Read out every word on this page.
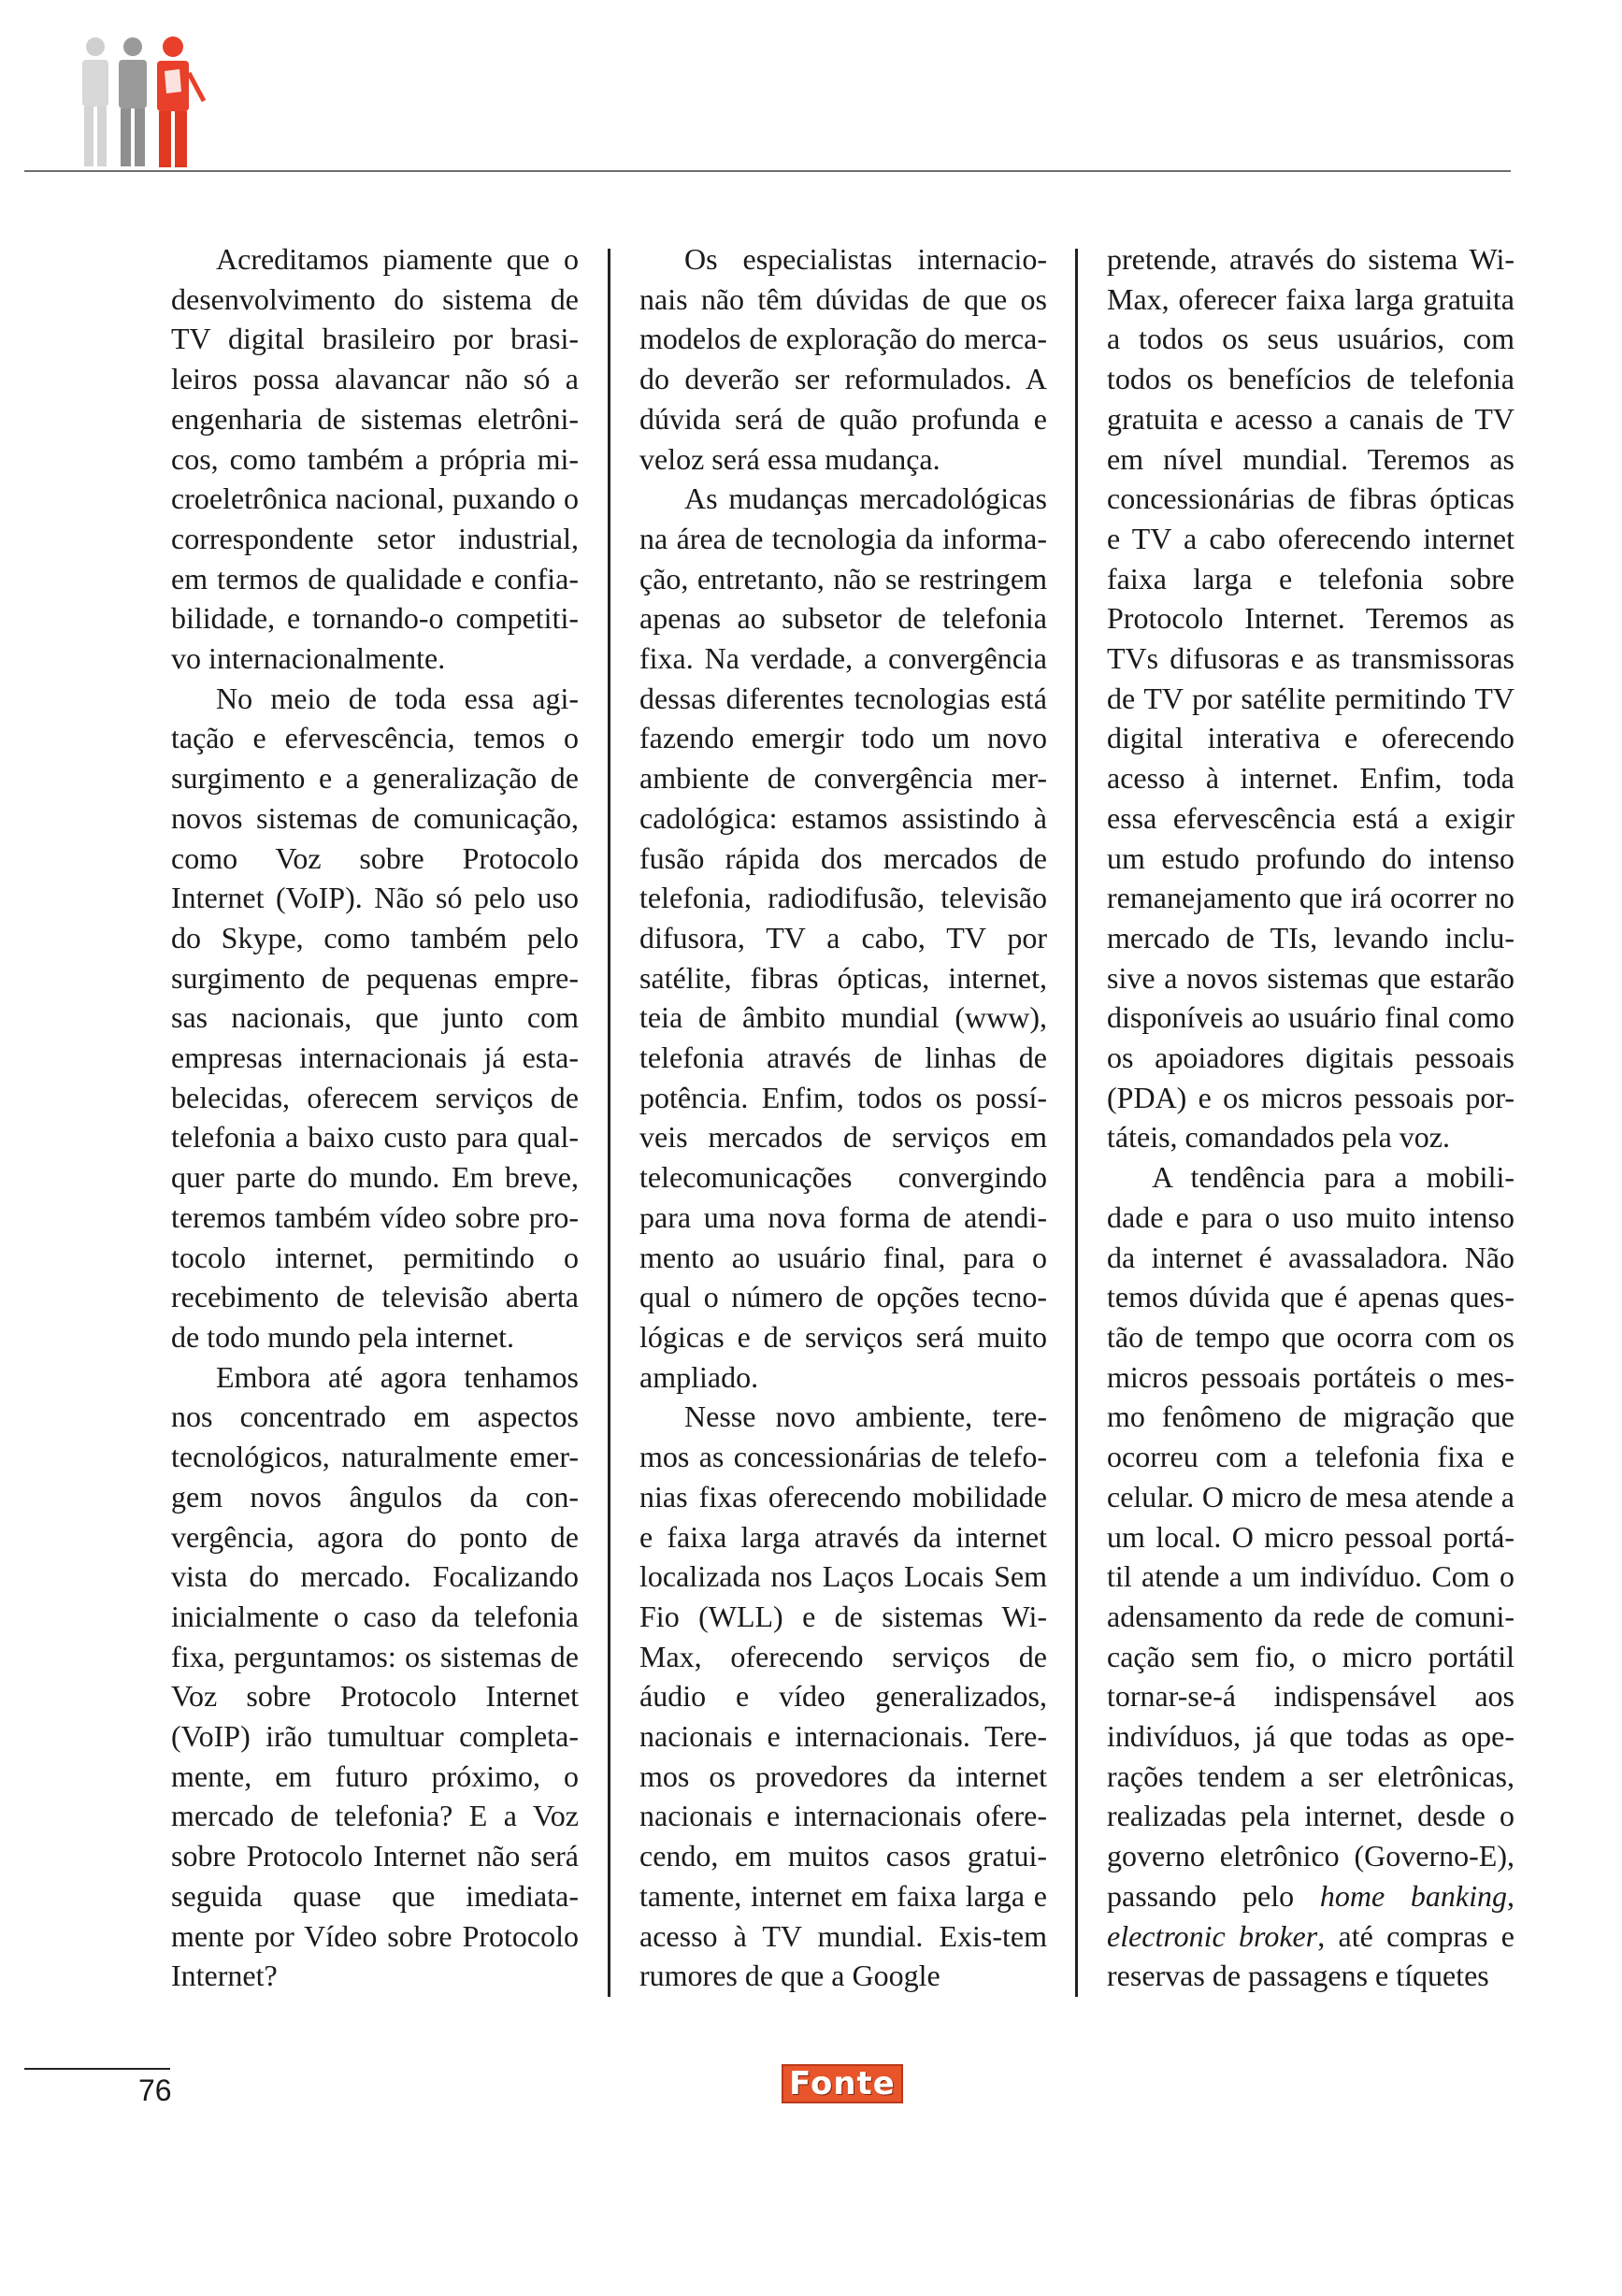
Acreditamos piamente que o desenvolvimento do sistema de TV digital brasileiro por brasi-leiros possa alavancar não só a engenharia de sistemas eletrôni-cos, como também a própria mi-croeletrônica nacional, puxando o correspondente setor industrial, em termos de qualidade e confia-bilidade, e tornando-o competiti-vo internacionalmente.

No meio de toda essa agi-tação e efervescência, temos o surgimento e a generalização de novos sistemas de comunicação, como Voz sobre Protocolo Internet (VoIP). Não só pelo uso do Skype, como também pelo surgimento de pequenas empre-sas nacionais, que junto com empresas internacionais já esta-belecidas, oferecem serviços de telefonia a baixo custo para qual-quer parte do mundo. Em breve, teremos também vídeo sobre pro-tocolo internet, permitindo o recebimento de televisão aberta de todo mundo pela internet.

Embora até agora tenhamos nos concentrado em aspectos tecnológicos, naturalmente emer-gem novos ângulos da con-vergência, agora do ponto de vista do mercado. Focalizando inicialmente o caso da telefonia fixa, perguntamos: os sistemas de Voz sobre Protocolo Internet (VoIP) irão tumultuar completa-mente, em futuro próximo, o mercado de telefonia? E a Voz sobre Protocolo Internet não será seguida quase que imediata-mente por Vídeo sobre Protocolo Internet?

Os especialistas internacio-nais não têm dúvidas de que os modelos de exploração do merca-do deverão ser reformulados. A dúvida será de quão profunda e veloz será essa mudança.

As mudanças mercadológicas na área de tecnologia da informa-ção, entretanto, não se restringem apenas ao subsetor de telefonia fixa. Na verdade, a convergência dessas diferentes tecnologias está fazendo emergir todo um novo ambiente de convergência mer-cadológica: estamos assistindo à fusão rápida dos mercados de telefonia, radiodifusão, televisão difusora, TV a cabo, TV por satélite, fibras ópticas, internet, teia de âmbito mundial (www), telefonia através de linhas de potência. Enfim, todos os possí-veis mercados de serviços em telecomunicações convergindo para uma nova forma de atendi-mento ao usuário final, para o qual o número de opções tecno-lógicas e de serviços será muito ampliado.

Nesse novo ambiente, tere-mos as concessionárias de telefo-nias fixas oferecendo mobilidade e faixa larga através da internet localizada nos Laços Locais Sem Fio (WLL) e de sistemas Wi-Max, oferecendo serviços de áudio e vídeo generalizados, nacionais e internacionais. Tere-mos os provedores da internet nacionais e internacionais ofere-cendo, em muitos casos gratui-tamente, internet em faixa larga e acesso à TV mundial. Exis-tem rumores de que a Google

pretende, através do sistema Wi-Max, oferecer faixa larga gratuita a todos os seus usuários, com todos os benefícios de telefonia gratuita e acesso a canais de TV em nível mundial. Teremos as concessionárias de fibras ópticas e TV a cabo oferecendo internet faixa larga e telefonia sobre Protocolo Internet. Teremos as TVs difusoras e as transmissoras de TV por satélite permitindo TV digital interativa e oferecendo acesso à internet. Enfim, toda essa efervescência está a exigir um estudo profundo do intenso remanejamento que irá ocorrer no mercado de TIs, levando inclu-sive a novos sistemas que estarão disponíveis ao usuário final como os apoiadores digitais pessoais (PDA) e os micros pessoais por-táteis, comandados pela voz.

A tendência para a mobili-dade e para o uso muito intenso da internet é avassaladora. Não temos dúvida que é apenas ques-tão de tempo que ocorra com os micros pessoais portáteis o mes-mo fenômeno de migração que ocorreu com a telefonia fixa e celular. O micro de mesa atende a um local. O micro pessoal portá-til atende a um indivíduo. Com o adensamento da rede de comuni-cação sem fio, o micro portátil tornar-se-á indispensável aos indivíduos, já que todas as ope-rações tendem a ser eletrônicas, realizadas pela internet, desde o governo eletrônico (Governo-E), passando pelo home banking, electronic broker, até compras e reservas de passagens e tíquetes

76	Fonte
